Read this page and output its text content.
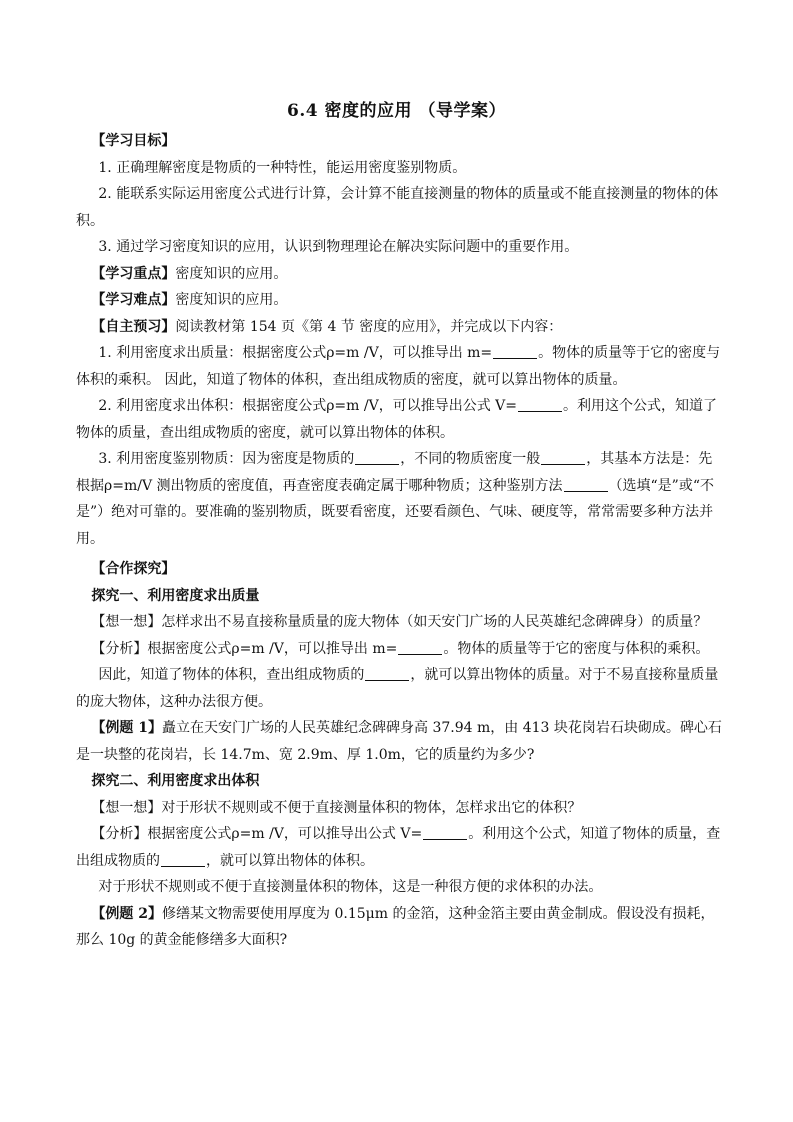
6.4 密度的应用 （导学案）

【学习目标】

1. 正确理解密度是物质的一种特性，能运用密度鉴别物质。

2. 能联系实际运用密度公式进行计算，会计算不能直接测量的物体的质量或不能直接测量的物体的体积。

3. 通过学习密度知识的应用，认识到物理理论在解决实际问题中的重要作用。

【学习重点】密度知识的应用。

【学习难点】密度知识的应用。

【自主预习】阅读教材第 154 页《第 4 节 密度的应用》，并完成以下内容：

1. 利用密度求出质量：根据密度公式ρ=m /V，可以推导出 m=	。物体的质量等于它的密度与体积的乘积。 因此，知道了物体的体积，查出组成物质的密度，就可以算出物体的质量。

2. 利用密度求出体积：根据密度公式ρ=m /V，可以推导出公式 V=	。利用这个公式，知道了物体的质量，查出组成物质的密度，就可以算出物体的体积。

3. 利用密度鉴别物质：因为密度是物质的	，不同的物质密度一般	，其基本方法是：先根据ρ=m/V 测出物质的密度值，再查密度表确定属于哪种物质；这种鉴别方法	（选填“是”或“不是”）绝对可靠的。要准确的鉴别物质，既要看密度，还要看颜色、气味、硬度等，常常需要多种方法并用。

【合作探究】

探究一、利用密度求出质量

【想一想】怎样求出不易直接称量质量的庞大物体（如天安门广场的人民英雄纪念碑碑身）的质量？

【分析】根据密度公式ρ=m /V，可以推导出 m=	。物体的质量等于它的密度与体积的乘积。

因此，知道了物体的体积，查出组成物质的	，就可以算出物体的质量。对于不易直接称量质量的庞大物体，这种办法很方便。

【例题 1】矗立在天安门广场的人民英雄纪念碑碑身高 37.94 m，由 413 块花岗岩石块砌成。碑心石是一块整的花岗岩，长 14.7m、宽 2.9m、厚 1.0m，它的质量约为多少?

探究二、利用密度求出体积

【想一想】对于形状不规则或不便于直接测量体积的物体，怎样求出它的体积？

【分析】根据密度公式ρ=m /V，可以推导出公式 V=	。利用这个公式，知道了物体的质量，查出组成物质的	，就可以算出物体的体积。

对于形状不规则或不便于直接测量体积的物体，这是一种很方便的求体积的办法。

【例题 2】修缮某文物需要使用厚度为 0.15μm 的金箔，这种金箔主要由黄金制成。假设没有损耗，那么 10g 的黄金能修缮多大面积?
